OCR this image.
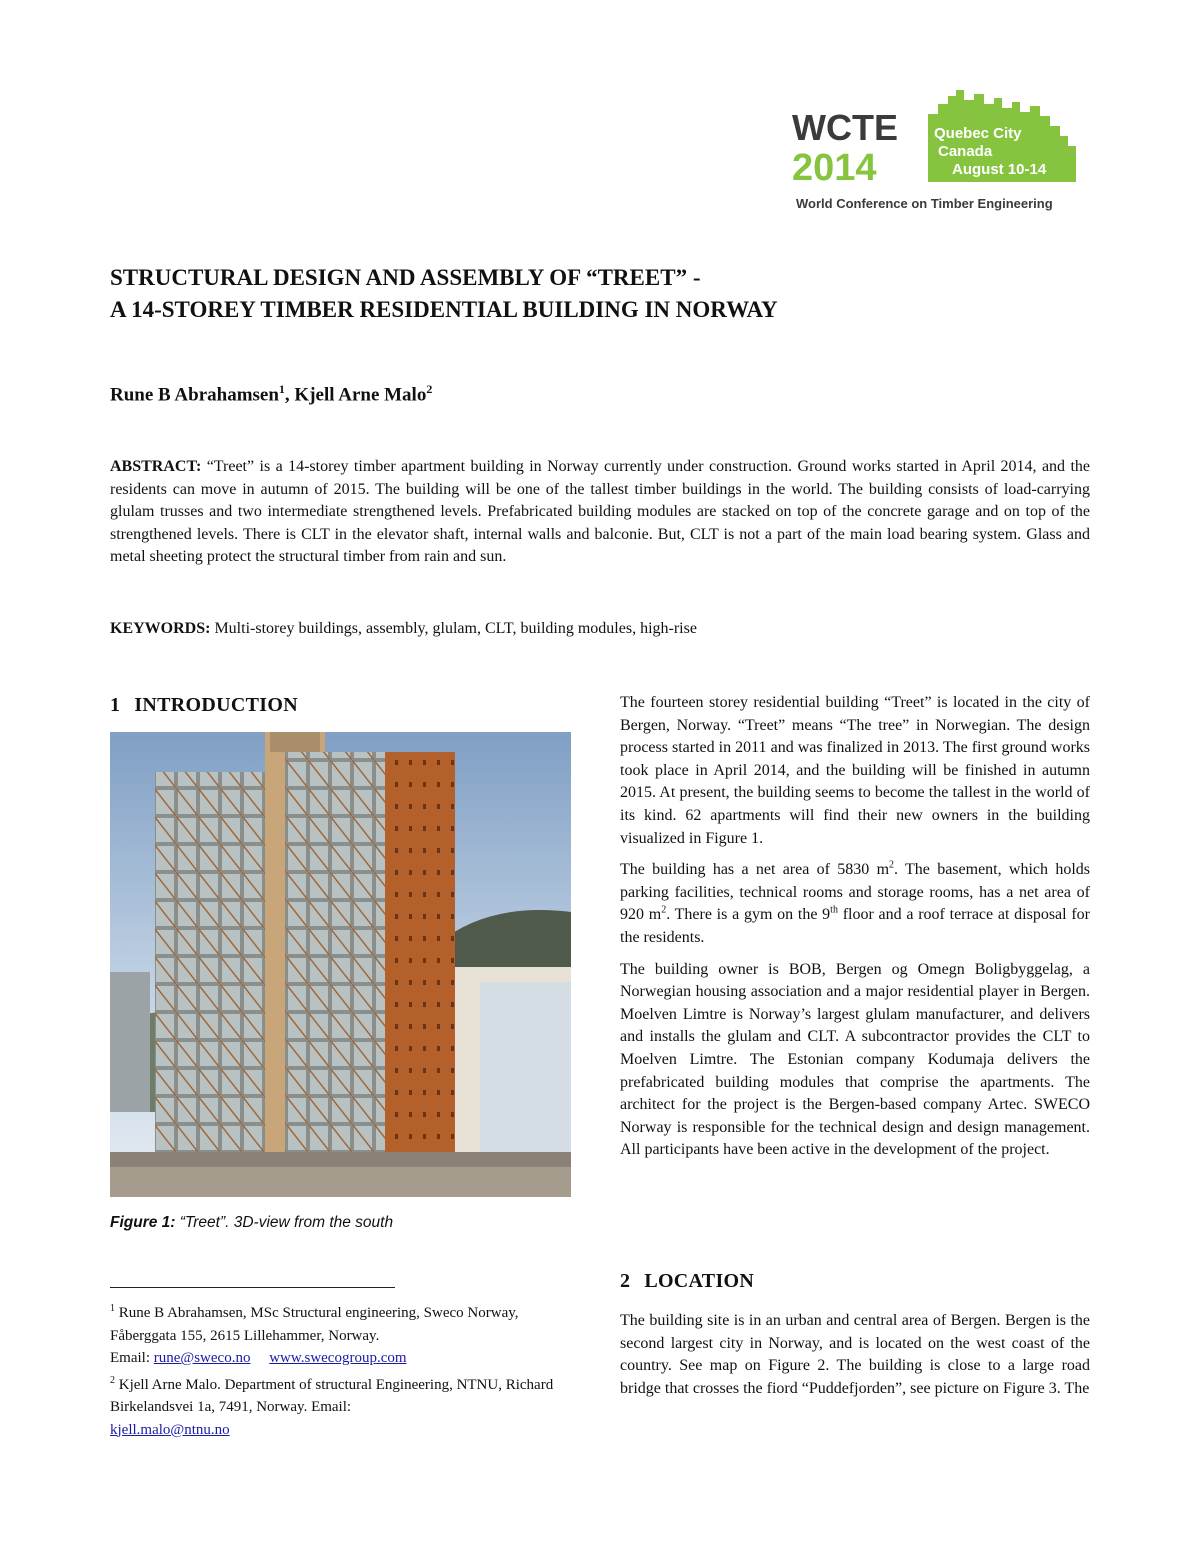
WCTE
2014
Quebec City
Canada
August 10-14
World Conference on Timber Engineering
STRUCTURAL DESIGN AND ASSEMBLY OF “TREET” -
A 14-STOREY TIMBER RESIDENTIAL BUILDING IN NORWAY

Rune B Abrahamsen$^1$, Kjell Arne Malo$^2$

ABSTRACT: “Treet” is a 14-storey timber apartment building in Norway currently under construction. Ground works started in April 2014, and the residents can move in autumn of 2015. The building will be one of the tallest timber buildings in the world. The building consists of load-carrying glulam trusses and two intermediate strengthened levels. Prefabricated building modules are stacked on top of the concrete garage and on top of the strengthened levels. There is CLT in the elevator shaft, internal walls and balconie. But, CLT is not a part of the main load bearing system. Glass and metal sheeting protect the structural timber from rain and sun.

KEYWORDS: Multi-storey buildings, assembly, glulam, CLT, building modules, high-rise

1 INTRODUCTION

Figure 1: “Treet”. 3D-view from the south

$^1$ Rune B Abrahamsen, MSc Structural engineering, Sweco Norway, Fåberggata 155, 2615 Lillehammer, Norway.
Email: rune@sweco.no www.swecogroup.com

$^2$ Kjell Arne Malo. Department of structural Engineering, NTNU, Richard Birkelandsvei 1a, 7491, Norway. Email:
kjell.malo@ntnu.no

The fourteen storey residential building “Treet” is located in the city of Bergen, Norway. “Treet” means “The tree” in Norwegian. The design process started in 2011 and was finalized in 2013. The first ground works took place in April 2014, and the building will be finished in autumn 2015. At present, the building seems to become the tallest in the world of its kind. 62 apartments will find their new owners in the building visualized in Figure 1.

The building has a net area of 5830 $m^2$. The basement, which holds parking facilities, technical rooms and storage rooms, has a net area of 920 $m^2$. There is a gym on the 9th floor and a roof terrace at disposal for the residents.

The building owner is BOB, Bergen og Omegn Boligbyggelag, a Norwegian housing association and a major residential player in Bergen. Moelven Limtre is Norway’s largest glulam manufacturer, and delivers and installs the glulam and CLT. A subcontractor provides the CLT to Moelven Limtre. The Estonian company Kodumaja delivers the prefabricated building modules that comprise the apartments. The architect for the project is the Bergen-based company Artec. SWECO Norway is responsible for the technical design and design management. All participants have been active in the development of the project.

2 LOCATION

The building site is in an urban and central area of Bergen. Bergen is the second largest city in Norway, and is located on the west coast of the country. See map on Figure 2. The building is close to a large road bridge that crosses the fiord “Puddefjorden”, see picture on Figure 3. The
